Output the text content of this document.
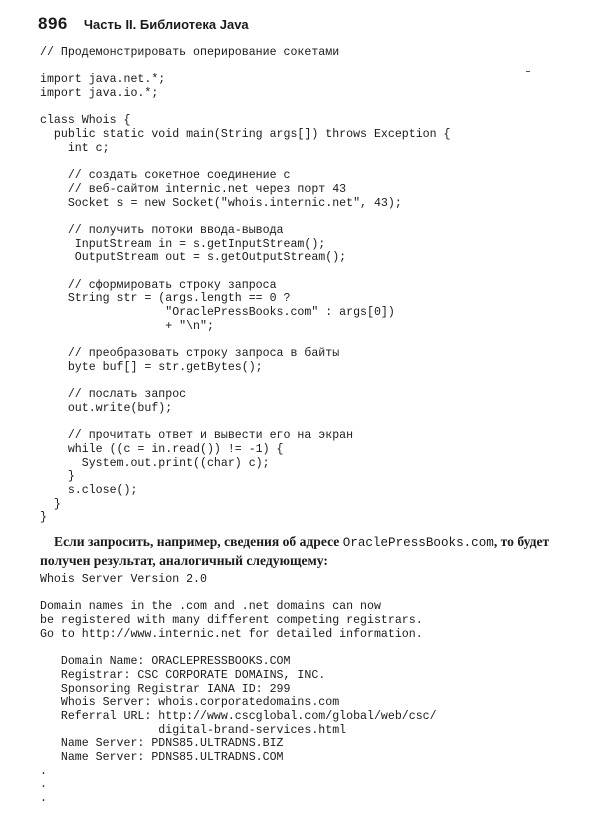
896 Часть II. Библиотека Java
// Продемонстрировать оперирование сокетами
import java.net.*;
import java.io.*;
class Whois {
public static void main(String args[]) throws Exception {
int c;
// создать сокетное соединение с
// веб-сайтом internic.net через порт 43
Socket s = new Socket("whois.internic.net", 43);
// получить потоки ввода-вывода
InputStream in = s.getInputStream();
OutputStream out = s.getOutputStream();
// сформировать строку запроса
String str = (args.length == 0 ?
"OraclePressBooks.com" : args[0])
+ "\n";
// преобразовать строку запроса в байты
byte buf[] = str.getBytes();
// послать запрос
out.write(buf);
// прочитать ответ и вывести его на экран
while ((c = in.read()) != -1) {
System.out.print((char) c);
}
s.close();
}
}

Если запросить, например, сведения об адресе OraclePressBooks.com, то будет получен результат, аналогичный следующему:

Whois Server Version 2.0
Domain names in the .com and .net domains can now
be registered with many different competing registrars.
Go to http://www.internic.net for detailed information.
Domain Name: ORACLEPRESSBOOKS.COM
Registrar: CSC CORPORATE DOMAINS, INC.
Sponsoring Registrar IANA ID: 299
Whois Server: whois.corporatedomains.com
Referral URL: http://www.cscglobal.com/global/web/csc/
digital-brand-services.html
Name Server: PDNS85.ULTRADNS.BIZ
Name Server: PDNS85.ULTRADNS.COM
.
.
.
